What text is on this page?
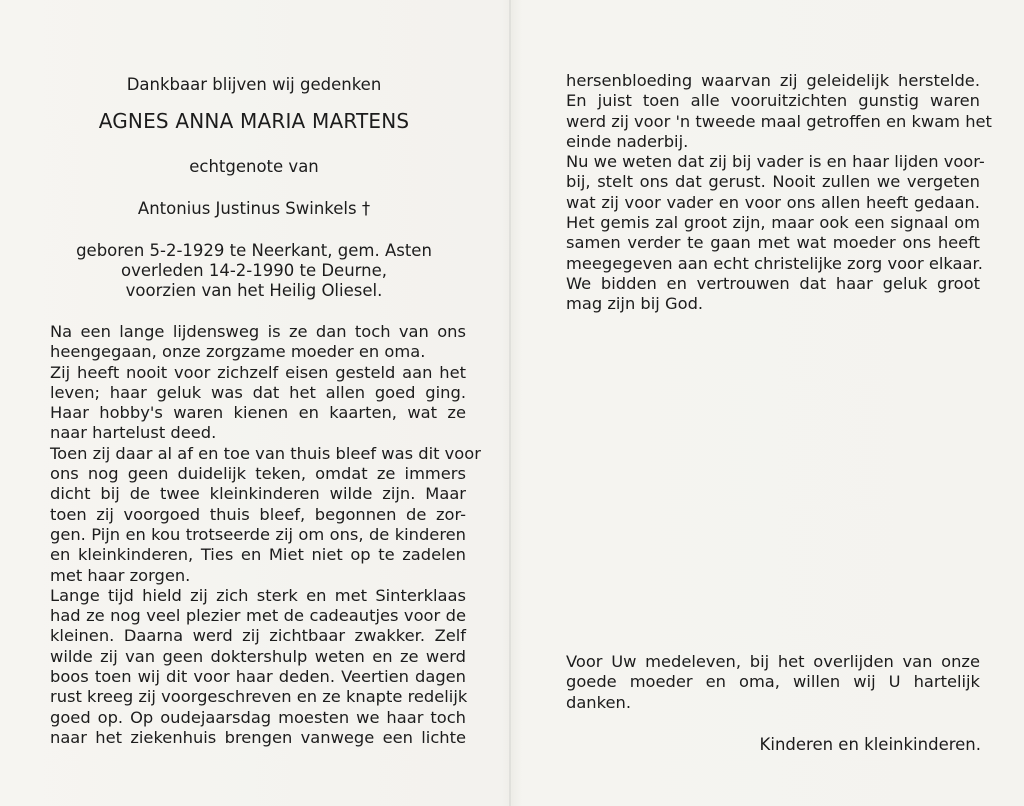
Dankbaar blijven wij gedenken
AGNES ANNA MARIA MARTENS
echtgenote van
Antonius Justinus Swinkels †
geboren 5-2-1929 te Neerkant, gem. Asten
overleden 14-2-1990 te Deurne,
voorzien van het Heilig Oliesel.
Na een lange lijdensweg is ze dan toch van ons
heengegaan, onze zorgzame moeder en oma.
Zij heeft nooit voor zichzelf eisen gesteld aan het
leven; haar geluk was dat het allen goed ging.
Haar hobby's waren kienen en kaarten, wat ze
naar hartelust deed.
Toen zij daar al af en toe van thuis bleef was dit voor
ons nog geen duidelijk teken, omdat ze immers
dicht bij de twee kleinkinderen wilde zijn. Maar
toen zij voorgoed thuis bleef, begonnen de zor-
gen. Pijn en kou trotseerde zij om ons, de kinderen
en kleinkinderen, Ties en Miet niet op te zadelen
met haar zorgen.
Lange tijd hield zij zich sterk en met Sinterklaas
had ze nog veel plezier met de cadeautjes voor de
kleinen. Daarna werd zij zichtbaar zwakker. Zelf
wilde zij van geen doktershulp weten en ze werd
boos toen wij dit voor haar deden. Veertien dagen
rust kreeg zij voorgeschreven en ze knapte redelijk
goed op. Op oudejaarsdag moesten we haar toch
naar het ziekenhuis brengen vanwege een lichte
hersenbloeding waarvan zij geleidelijk herstelde.
En juist toen alle vooruitzichten gunstig waren
werd zij voor 'n tweede maal getroffen en kwam het
einde naderbij.
Nu we weten dat zij bij vader is en haar lijden voor-
bij, stelt ons dat gerust. Nooit zullen we vergeten
wat zij voor vader en voor ons allen heeft gedaan.
Het gemis zal groot zijn, maar ook een signaal om
samen verder te gaan met wat moeder ons heeft
meegegeven aan echt christelijke zorg voor elkaar.
We bidden en vertrouwen dat haar geluk groot
mag zijn bij God.
Voor Uw medeleven, bij het overlijden van onze
goede moeder en oma, willen wij U hartelijk
danken.
Kinderen en kleinkinderen.
